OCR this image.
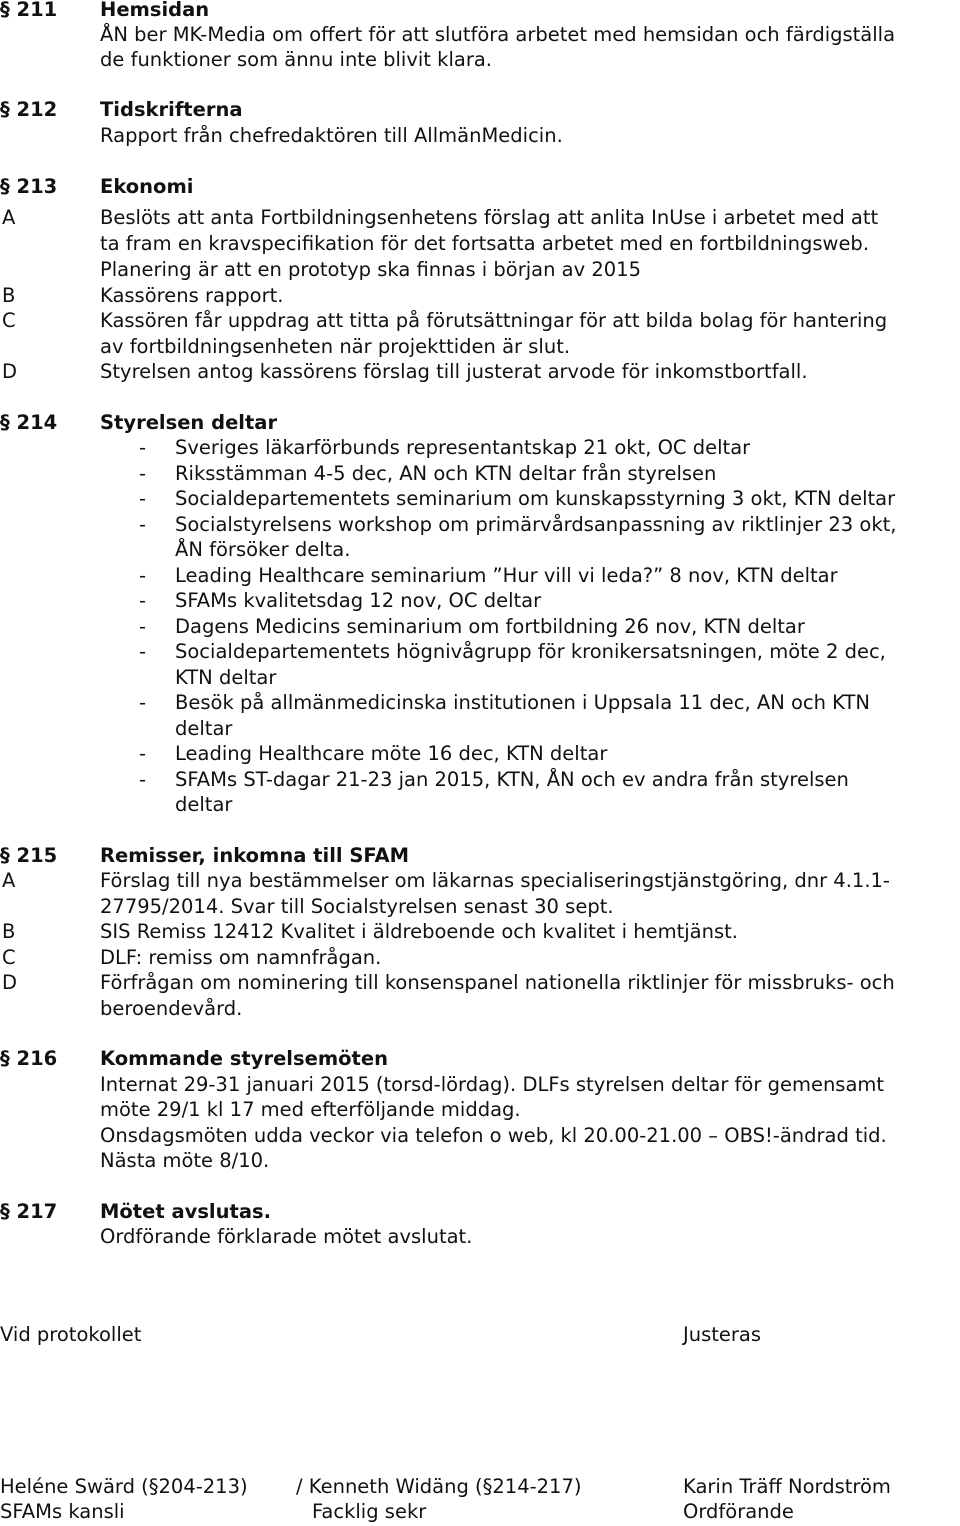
§ 211 Hemsidan
ÅN ber MK-Media om offert för att slutföra arbetet med hemsidan och färdigställa
de funktioner som ännu inte blivit klara.
§ 212 Tidskrifterna
Rapport från chefredaktören till AllmänMedicin.
§ 213 Ekonomi
A	Beslöts att anta Fortbildningsenhetens förslag att anlita InUse i arbetet med att
ta fram en kravspecifikation för det fortsatta arbetet med en fortbildningsweb.
Planering är att en prototyp ska finnas i början av 2015
B	Kassörens rapport.
C	Kassören får uppdrag att titta på förutsättningar för att bilda bolag för hantering
av fortbildningsenheten när projekttiden är slut.
D	Styrelsen antog kassörens förslag till justerat arvode för inkomstbortfall.
§ 214 Styrelsen deltar
- Sveriges läkarförbunds representantskap 21 okt, OC deltar
- Riksstämman 4-5 dec, AN och KTN deltar från styrelsen
- Socialdepartementets seminarium om kunskapsstyrning 3 okt, KTN deltar
- Socialstyrelsens workshop om primärvårdsanpassning av riktlinjer 23 okt,
ÅN försöker delta.
- Leading Healthcare seminarium ”Hur vill vi leda?” 8 nov, KTN deltar
- SFAMs kvalitetsdag 12 nov, OC deltar
- Dagens Medicins seminarium om fortbildning 26 nov, KTN deltar
- Socialdepartementets högnivågrupp för kronikersatsningen, möte 2 dec,
KTN deltar
- Besök på allmänmedicinska institutionen i Uppsala 11 dec, AN och KTN
deltar
- Leading Healthcare möte 16 dec, KTN deltar
- SFAMs ST-dagar 21-23 jan 2015, KTN, ÅN och ev andra från styrelsen
deltar
§ 215 Remisser, inkomna till SFAM
A	Förslag till nya bestämmelser om läkarnas specialiseringstjänstgöring, dnr 4.1.1-
27795/2014. Svar till Socialstyrelsen senast 30 sept.
B	SIS Remiss 12412 Kvalitet i äldreboende och kvalitet i hemtjänst.
C	DLF: remiss om namnfrågan.
D	Förfrågan om nominering till konsenspanel nationella riktlinjer för missbruks- och
beroendevård.
§ 216 Kommande styrelsemöten
Internat 29-31 januari 2015 (torsd-lördag). DLFs styrelsen deltar för gemensamt
möte 29/1 kl 17 med efterföljande middag.
Onsdagsmöten udda veckor via telefon o web, kl 20.00-21.00 – OBS!-ändrad tid.
Nästa möte 8/10.
§ 217 Mötet avslutas.
Ordförande förklarade mötet avslutat.
Vid protokollet	Justeras
Heléne Swärd (§204-213) / Kenneth Widäng (§214-217)	Karin Träff Nordström
SFAMs kansli	Facklig sekr	Ordförande
